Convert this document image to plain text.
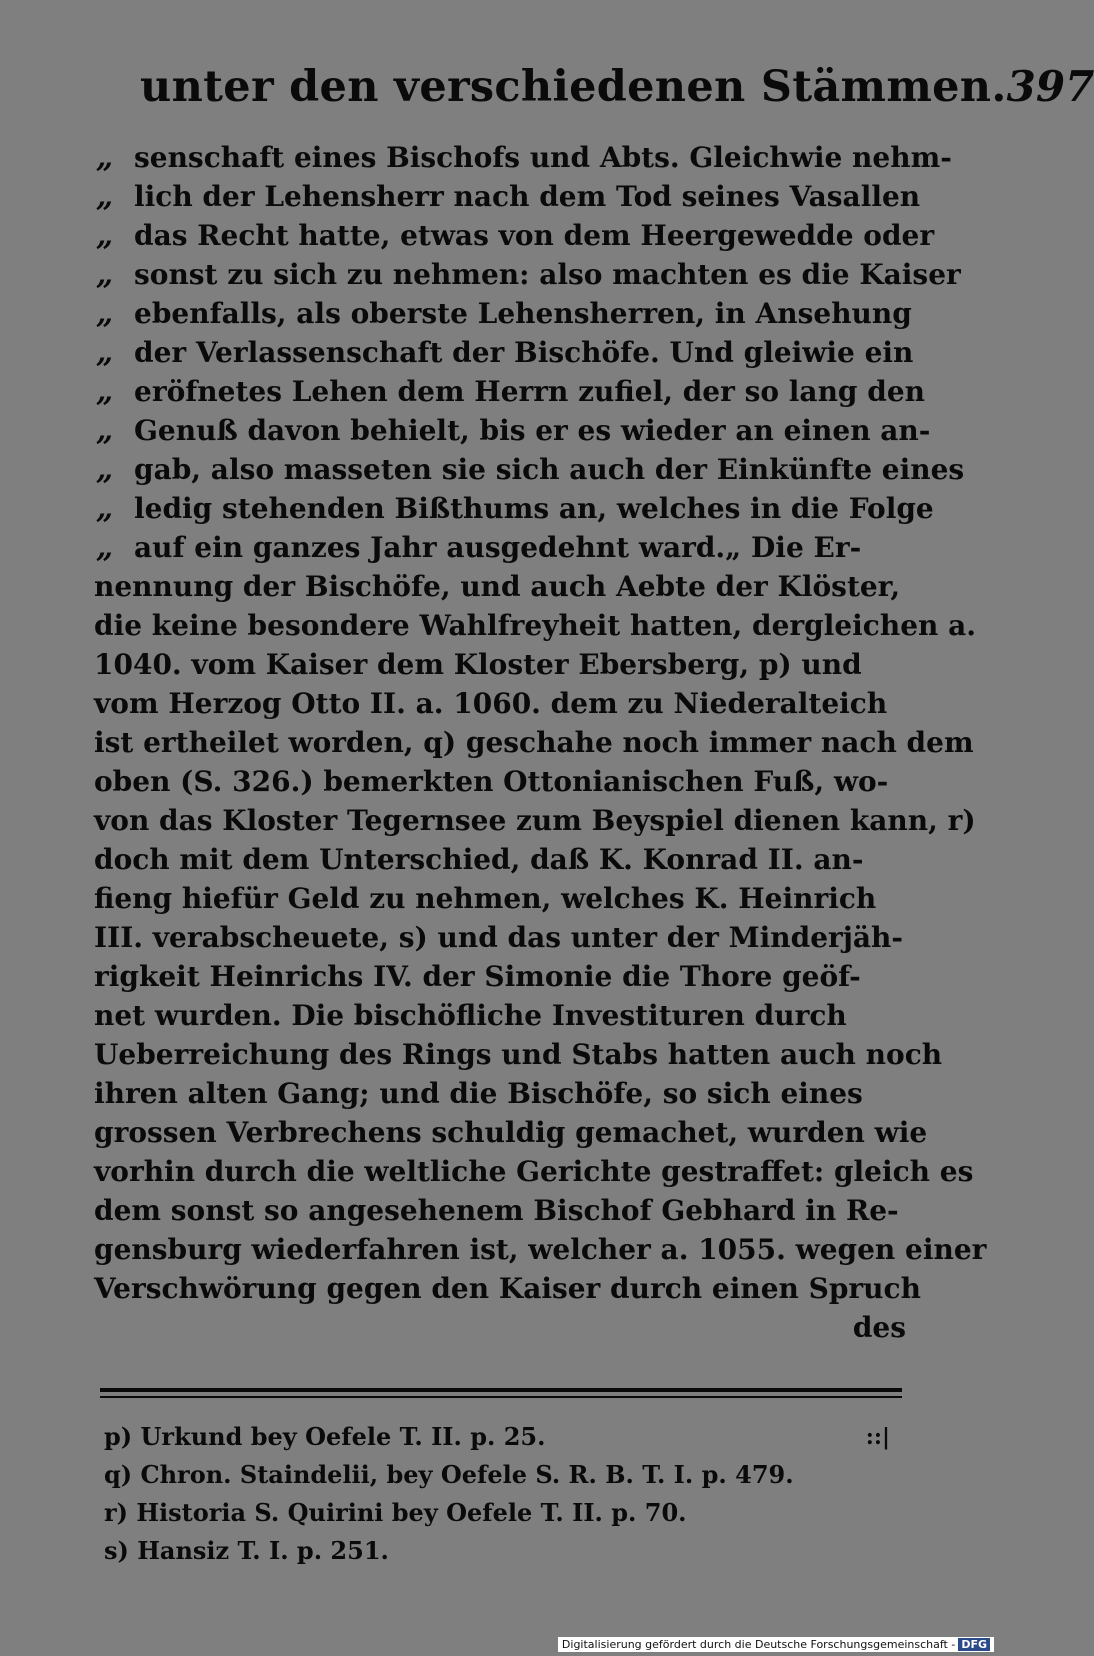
unter den verschiedenen Stämmen. 397
„ senschaft eines Bischofs und Abts. Gleichwie nehm-
„ lich der Lehensherr nach dem Tod seines Vasallen
„ das Recht hatte, etwas von dem Heergewedde oder
„ sonst zu sich zu nehmen: also machten es die Kaiser
„ ebenfalls, als oberste Lehensherren, in Ansehung
„ der Verlassenschaft der Bischöfe. Und gleiwie ein
„ eröfnetes Lehen dem Herrn zufiel, der so lang den
„ Genuß davon behielt, bis er es wieder an einen an-
„ gab, also masseten sie sich auch der Einkünfte eines
„ ledig stehenden Bißthums an, welches in die Folge
„ auf ein ganzes Jahr ausgedehnt ward.„ Die Er-
nennung der Bischöfe, und auch Aebte der Klöster,
die keine besondere Wahlfreyheit hatten, dergleichen a.
1040. vom Kaiser dem Kloster Ebersberg, p) und
vom Herzog Otto II. a. 1060. dem zu Niederalteich
ist ertheilet worden, q) geschahe noch immer nach dem
oben (S. 326.) bemerkten Ottonianischen Fuß, wo-
von das Kloster Tegernsee zum Beyspiel dienen kann, r)
doch mit dem Unterschied, daß K. Konrad II. an-
fieng hiefür Geld zu nehmen, welches K. Heinrich
III. verabscheuete, s) und das unter der Minderjäh-
rigkeit Heinrichs IV. der Simonie die Thore geöf-
net wurden. Die bischöfliche Investituren durch
Ueberreichung des Rings und Stabs hatten auch noch
ihren alten Gang; und die Bischöfe, so sich eines
grossen Verbrechens schuldig gemachet, wurden wie
vorhin durch die weltliche Gerichte gestraffet: gleich es
dem sonst so angesehenem Bischof Gebhard in Re-
gensburg wiederfahren ist, welcher a. 1055. wegen einer
Verschwörung gegen den Kaiser durch einen Spruch
des
p) Urkund bey Oefele T. II. p. 25.	::|
q) Chron. Staindelii, bey Oefele S. R. B. T. I. p. 479.
r) Historia S. Quirini bey Oefele T. II. p. 70.
s) Hansiz T. I. p. 251.
Digitalisierung gefördert durch die Deutsche Forschungsgemeinschaft - DFG
